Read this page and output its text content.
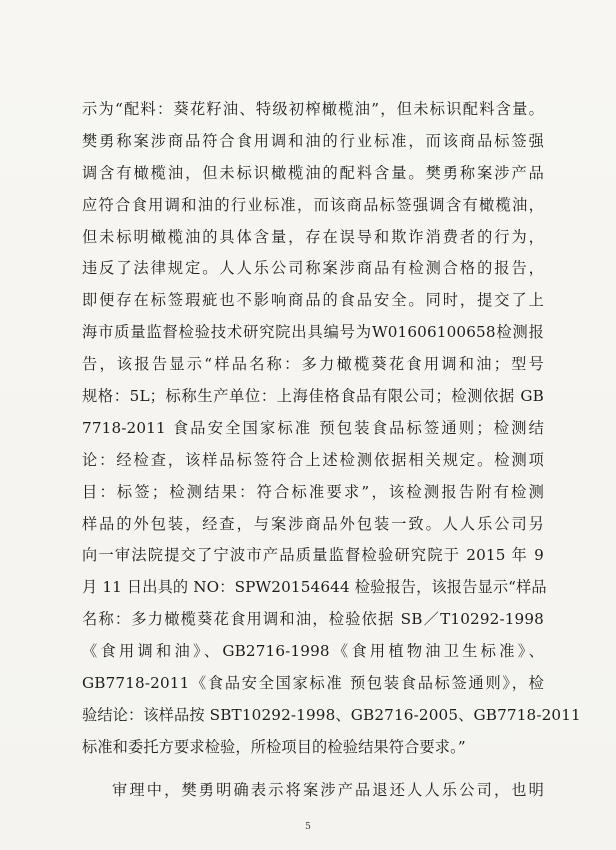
示为“配料：葵花籽油、特级初榨橄榄油”，但未标识配料含量。
樊勇称案涉商品符合食用调和油的行业标准，而该商品标签强
调含有橄榄油，但未标识橄榄油的配料含量。樊勇称案涉产品
应符合食用调和油的行业标准，而该商品标签强调含有橄榄油，
但未标明橄榄油的具体含量，存在误导和欺诈消费者的行为，
违反了法律规定。人人乐公司称案涉商品有检测合格的报告，
即便存在标签瑕疵也不影响商品的食品安全。同时，提交了上
海市质量监督检验技术研究院出具编号为W01606100658检测报
告，该报告显示“样品名称：多力橄榄葵花食用调和油；型号
规格：5L；标称生产单位：上海佳格食品有限公司；检测依据 GB
7718-2011 食品安全国家标准 预包装食品标签通则；检测结
论：经检查，该样品标签符合上述检测依据相关规定。检测项
目：标签；检测结果：符合标准要求”，该检测报告附有检测
样品的外包装，经查，与案涉商品外包装一致。人人乐公司另
向一审法院提交了宁波市产品质量监督检验研究院于 2015 年 9
月 11 日出具的 NO：SPW20154644 检验报告，该报告显示“样品
名称：多力橄榄葵花食用调和油，检验依据 SB／T10292-1998
《食用调和油》、GB2716-1998《食用植物油卫生标准》、
GB7718-2011《食品安全国家标准 预包装食品标签通则》，检
验结论：该样品按 SBT10292-1998、GB2716-2005、GB7718-2011
标准和委托方要求检验，所检项目的检验结果符合要求。”
审理中，樊勇明确表示将案涉产品退还人人乐公司，也明
5
